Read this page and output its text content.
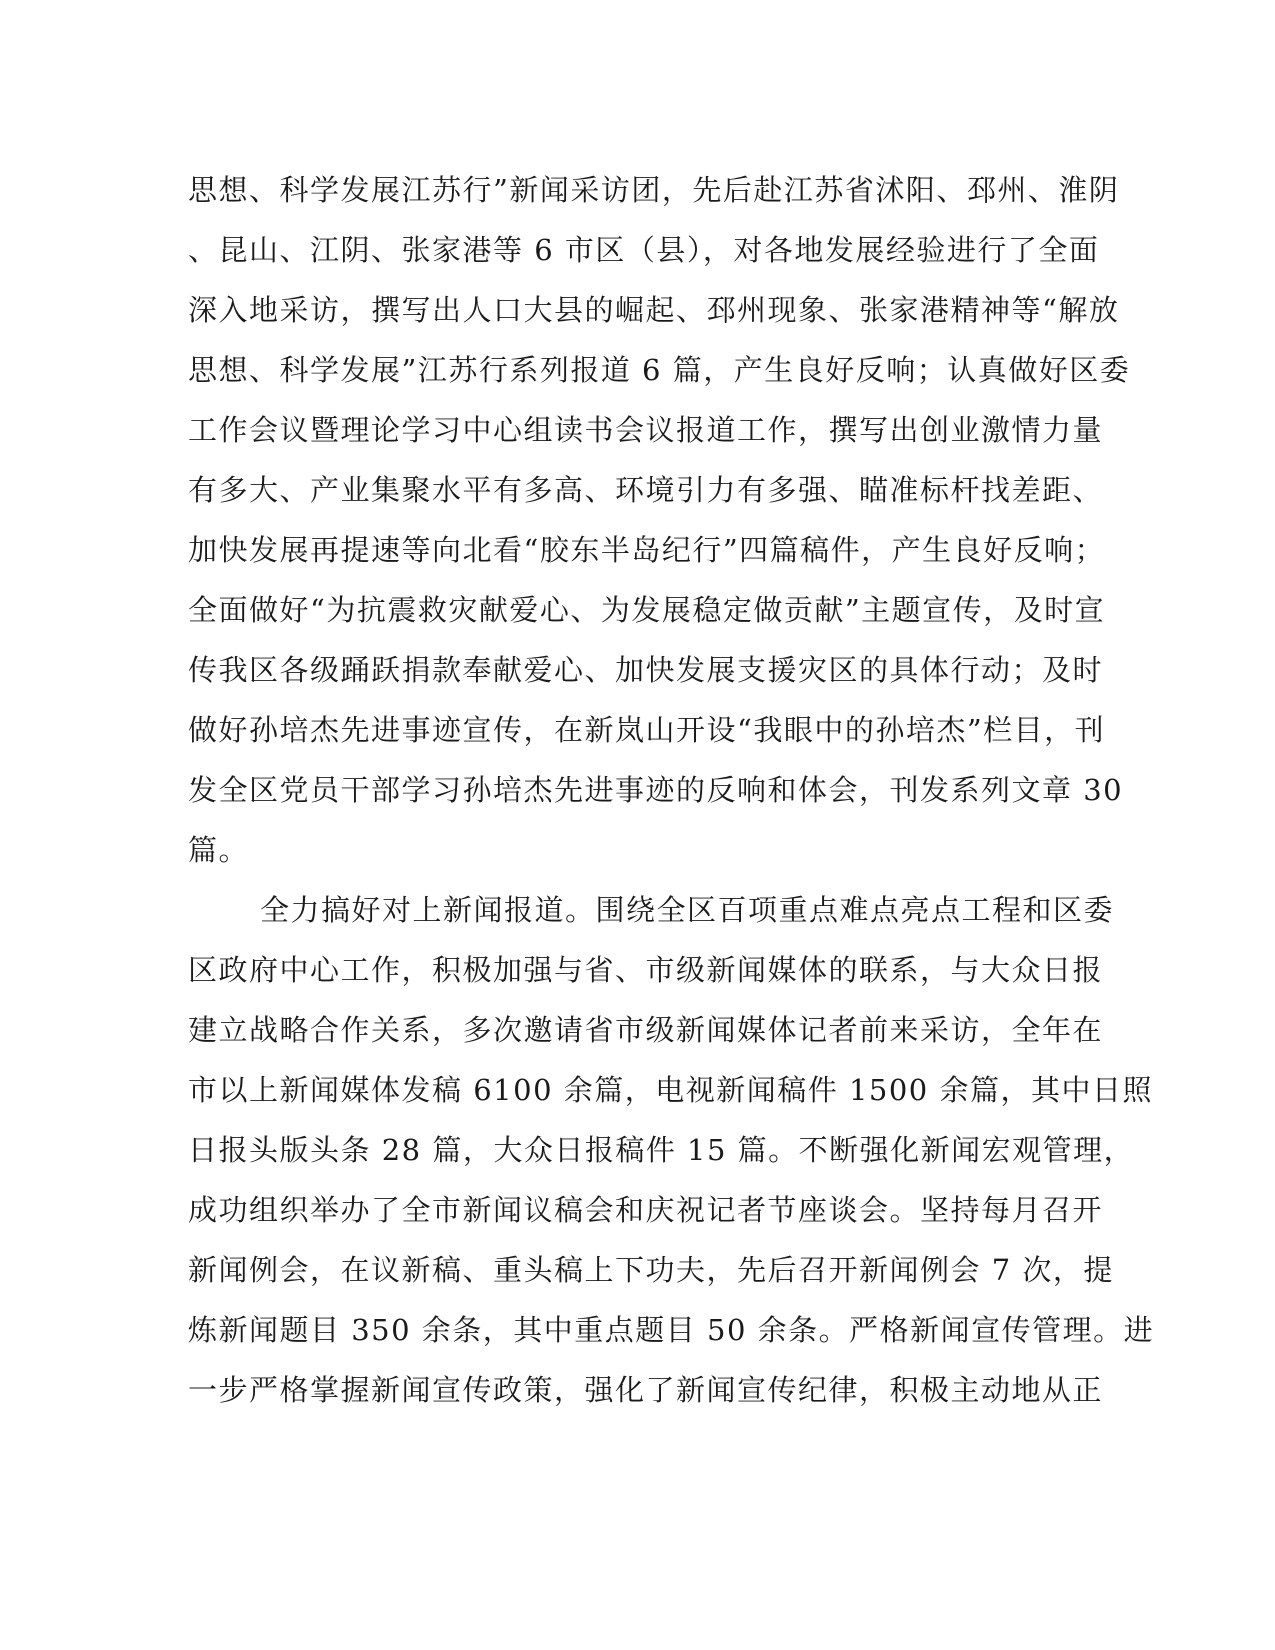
思想、科学发展江苏行”新闻采访团，先后赴江苏省沭阳、邳州、淮阴
、昆山、江阴、张家港等 6 市区（县），对各地发展经验进行了全面
深入地采访，撰写出人口大县的崛起、邳州现象、张家港精神等“解放
思想、科学发展”江苏行系列报道 6 篇，产生良好反响；认真做好区委
工作会议暨理论学习中心组读书会议报道工作，撰写出创业激情力量
有多大、产业集聚水平有多高、环境引力有多强、瞄准标杆找差距、
加快发展再提速等向北看“胶东半岛纪行”四篇稿件，产生良好反响；
全面做好“为抗震救灾献爱心、为发展稳定做贡献”主题宣传，及时宣
传我区各级踊跃捐款奉献爱心、加快发展支援灾区的具体行动；及时
做好孙培杰先进事迹宣传，在新岚山开设“我眼中的孙培杰”栏目，刊
发全区党员干部学习孙培杰先进事迹的反响和体会，刊发系列文章 30
篇。
全力搞好对上新闻报道。围绕全区百项重点难点亮点工程和区委
区政府中心工作，积极加强与省、市级新闻媒体的联系，与大众日报
建立战略合作关系，多次邀请省市级新闻媒体记者前来采访，全年在
市以上新闻媒体发稿 6100 余篇，电视新闻稿件 1500 余篇，其中日照
日报头版头条 28 篇，大众日报稿件 15 篇。不断强化新闻宏观管理，
成功组织举办了全市新闻议稿会和庆祝记者节座谈会。坚持每月召开
新闻例会，在议新稿、重头稿上下功夫，先后召开新闻例会 7 次，提
炼新闻题目 350 余条，其中重点题目 50 余条。严格新闻宣传管理。进
一步严格掌握新闻宣传政策，强化了新闻宣传纪律，积极主动地从正
